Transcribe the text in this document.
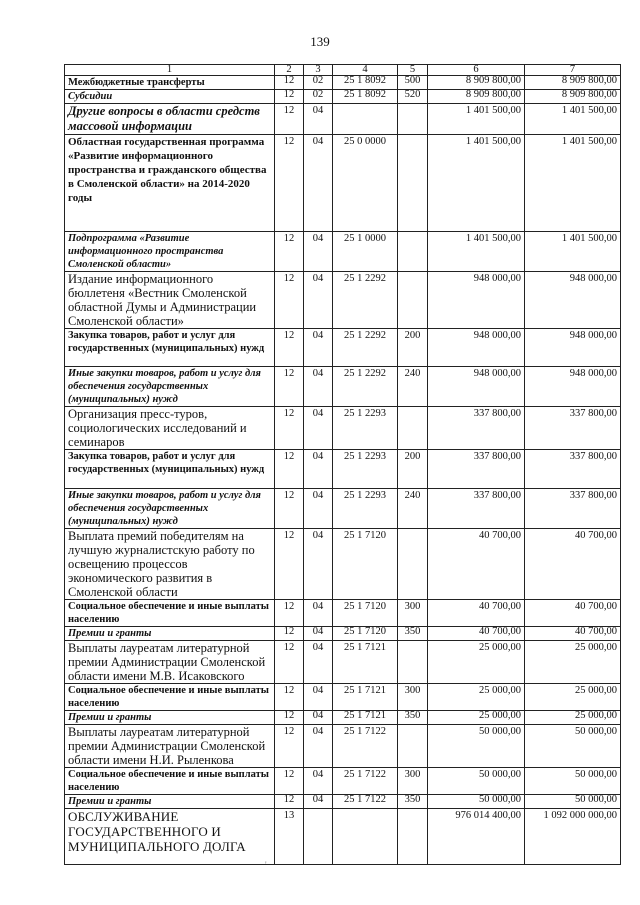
139
1	2	3	4	5	6	7
Межбюджетные трансферты	12	02	25 1 8092	500	8 909 800,00	8 909 800,00
Субсидии	12	02	25 1 8092	520	8 909 800,00	8 909 800,00
Другие вопросы в области средств массовой информации	12	04			1 401 500,00	1 401 500,00
Областная государственная программа «Развитие информационного пространства и гражданского общества в Смоленской области» на 2014-2020 годы	12	04	25 0 0000		1 401 500,00	1 401 500,00
Подпрограмма «Развитие информационного пространства Смоленской области»	12	04	25 1 0000		1 401 500,00	1 401 500,00
Издание информационного бюллетеня «Вестник Смоленской областной Думы и Администрации Смоленской области»	12	04	25 1 2292		948 000,00	948 000,00
Закупка товаров, работ и услуг для государственных (муниципальных) нужд	12	04	25 1 2292	200	948 000,00	948 000,00
Иные закупки товаров, работ и услуг для обеспечения государственных (муниципальных) нужд	12	04	25 1 2292	240	948 000,00	948 000,00
Организация пресс-туров, социологических исследований и семинаров	12	04	25 1 2293		337 800,00	337 800,00
Закупка товаров, работ и услуг для государственных (муниципальных) нужд	12	04	25 1 2293	200	337 800,00	337 800,00
Иные закупки товаров, работ и услуг для обеспечения государственных (муниципальных) нужд	12	04	25 1 2293	240	337 800,00	337 800,00
Выплата премий победителям на лучшую журналистскую работу по освещению процессов экономического развития в Смоленской области	12	04	25 1 7120		40 700,00	40 700,00
Социальное обеспечение и иные выплаты населению	12	04	25 1 7120	300	40 700,00	40 700,00
Премии и гранты	12	04	25 1 7120	350	40 700,00	40 700,00
Выплаты лауреатам литературной премии Администрации Смоленской области имени М.В. Исаковского	12	04	25 1 7121		25 000,00	25 000,00
Социальное обеспечение и иные выплаты населению	12	04	25 1 7121	300	25 000,00	25 000,00
Премии и гранты	12	04	25 1 7121	350	25 000,00	25 000,00
Выплаты лауреатам литературной премии Администрации Смоленской области имени Н.И. Рыленкова	12	04	25 1 7122		50 000,00	50 000,00
Социальное обеспечение и иные выплаты населению	12	04	25 1 7122	300	50 000,00	50 000,00
Премии и гранты	12	04	25 1 7122	350	50 000,00	50 000,00
ОБСЛУЖИВАНИЕ ГОСУДАРСТВЕННОГО И МУНИЦИПАЛЬНОГО ДОЛГА	13				976 014 400,00	1 092 000 000,00
'
